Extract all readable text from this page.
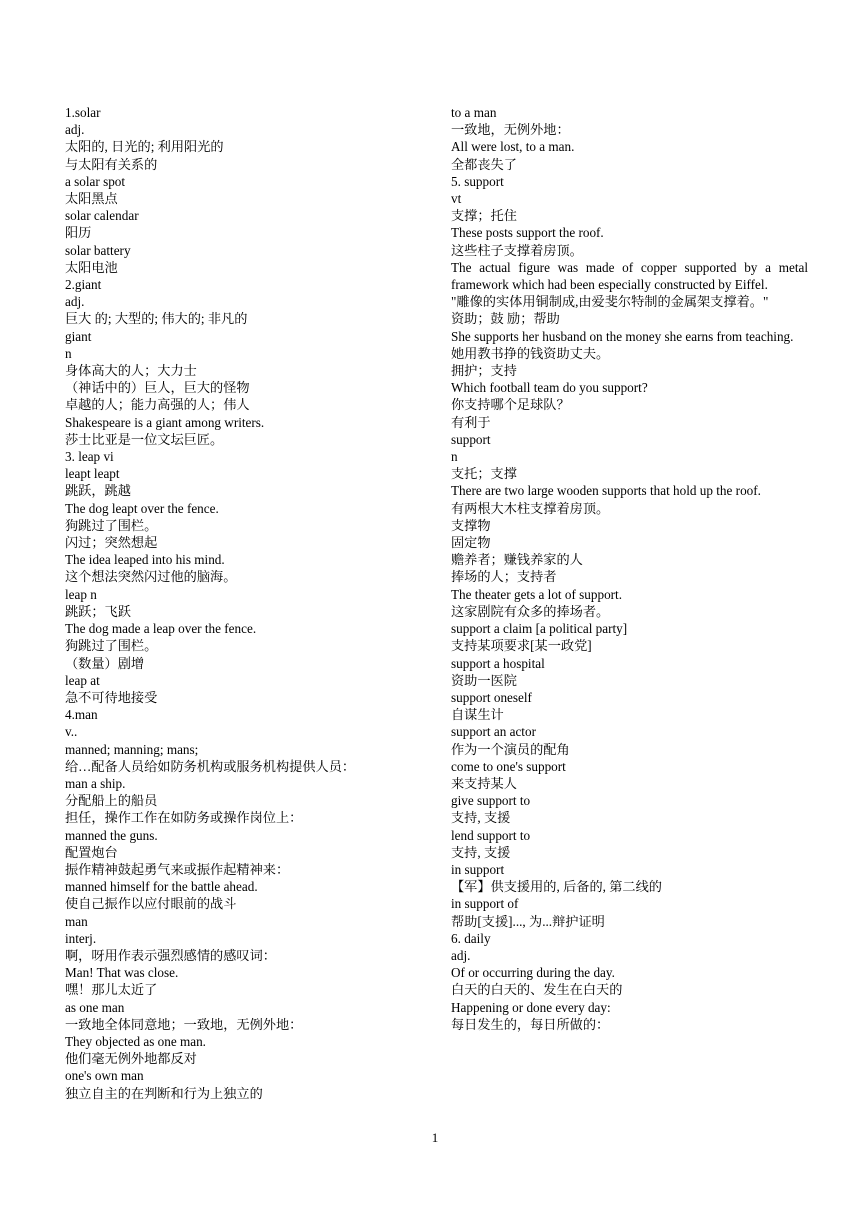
1.solar
adj.
太阳的, 日光的; 利用阳光的
与太阳有关系的
a solar spot
太阳黑点
solar calendar
阳历
solar battery
太阳电池
2.giant
adj.
巨大 的; 大型的; 伟大的; 非凡的
giant
n
身体高大的人；大力士
（神话中的）巨人，巨大的怪物
卓越的人；能力高强的人；伟人
Shakespeare is a giant among writers.
莎士比亚是一位文坛巨匠。
3. leap vi
leapt leapt
跳跃，跳越
The dog leapt over the fence.
狗跳过了围栏。
闪过；突然想起
The idea leaped into his mind.
这个想法突然闪过他的脑海。
leap n
跳跃；飞跃
The dog made a leap over the fence.
狗跳过了围栏。
（数量）剧增
leap at
急不可待地接受
4.man
v..
manned; manning; mans;
给…配备人员给如防务机构或服务机构提供人员：
man a ship.
分配船上的船员
担任，操作工作在如防务或操作岗位上：
manned the guns.
配置炮台
振作精神鼓起勇气来或振作起精神来：
manned himself for the battle ahead.
使自己振作以应付眼前的战斗
man
interj.
啊，呀用作表示强烈感情的感叹词：
Man! That was close.
嘿！那儿太近了
as one man
一致地全体同意地；一致地，无例外地：
They objected as one man.
他们毫无例外地都反对
one's own man
独立自主的在判断和行为上独立的
to a man
一致地，无例外地：
All were lost, to a man.
全都丧失了
5. support
vt
支撑；托住
These posts support the roof.
这些柱子支撑着房顶。
The actual figure was made of copper supported by a metal framework which had been especially constructed by Eiffel.
"雕像的实体用铜制成,由爱斐尔特制的金属架支撑着。"
资助；鼓 励；帮助
She supports her husband on the money she earns from teaching.
她用教书挣的钱资助丈夫。
拥护；支持
Which football team do you support?
你支持哪个足球队？
有利于
support
n
支托；支撑
There are two large wooden supports that hold up the roof.
有两根大木柱支撑着房顶。
支撑物
固定物
赡养者；赚钱养家的人
捧场的人；支持者
The theater gets a lot of support.
这家剧院有众多的捧场者。
support a claim [a political party]
支持某项要求[某一政党]
support a hospital
资助一医院
support oneself
自谋生计
support an actor
作为一个演员的配角
come to one's support
来支持某人
give support to
支持, 支援
lend support to
支持, 支援
in support
【军】供支援用的, 后备的, 第二线的
in support of
帮助[支援]..., 为...辩护证明
6. daily
adj.
Of or occurring during the day.
白天的白天的、发生在白天的
Happening or done every day:
每日发生的，每日所做的：
1
